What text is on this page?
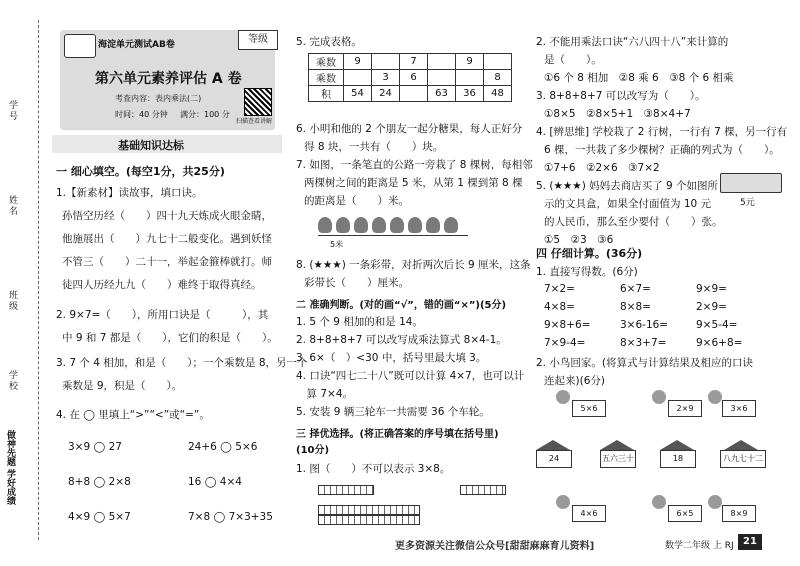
学号
姓名
班级
学校
做神先题 学好成绩
海淀单元测试AB卷	等级
第六单元素养评估 A 卷
考查内容：表内乘法(二)
时间：40 分钟 满分：100 分
扫描查看讲解
基础知识达标
一 细心填空。(每空1分，共25分)
1.【新素材】读故事，填口诀。
孙悟空历经（　　）四十九天炼成火眼金睛，
他施展出（　　）九七十二般变化。遇到妖怪
不管三（　　）二十一，举起金箍棒就打。师
徒四人历经九九（　　）难终于取得真经。
2. 9×7=（　　），所用口诀是（　　　），其
中 9 和 7 都是（　　），它们的积是（　　）。
3. 7 个 4 相加，和是（　　）；一个乘数是 8，另一个
乘数是 9，积是（　　）。
4. 在 ◯ 里填上“>”“<”或“=”。
3×9 ◯ 27	24+6 ◯ 5×6
8+8 ◯ 2×8	16 ◯ 4×4
4×9 ◯ 5×7	7×8 ◯ 7×3+35
5. 完成表格。
乘数	9		7		9	
乘数		3	6			8
积	54	24		63	36	48
6. 小明和他的 2 个朋友一起分糖果，每人正好分
得 8 块，一共有（　　）块。
7. 如图，一条笔直的公路一旁栽了 8 棵树，每相邻
两棵树之间的距离是 5 米，从第 1 棵到第 8 棵
的距离是（　　）米。
5米
8. (★★★) 一条彩带，对折两次后长 9 厘米，这条
彩带长（　　）厘米。
二 准确判断。(对的画“√”，错的画“×”)(5分)
1. 5 个 9 相加的和是 14。
2. 8+8+8+7 可以改写成乘法算式 8×4-1。
3. 6×（　）<30 中，括号里最大填 3。
4. 口诀“四七二十八”既可以计算 4×7，也可以计
　算 7×4。
5. 安装 9 辆三轮车一共需要 36 个车轮。
三 择优选择。(将正确答案的序号填在括号里)
(10分)
1. 图（　　）不可以表示 3×8。
2. 不能用乘法口诀“六八四十八”来计算的
是（　　）。
①6 个 8 相加　②8 乘 6　③8 个 6 相乘
3. 8+8+8+7 可以改写为（　　）。
①8×5　②8×5+1　③8×4+7
4. [辨思维] 学校栽了 2 行树，一行有 7 棵，另一行有
6 棵，一共栽了多少棵树？正确的列式为（　　）。
①7+6　②2×6　③7×2
5. (★★★) 妈妈去商店买了 9 个如图所
示的文具盒，如果全付面值为 10 元
的人民币，那么至少要付（　　）张。
①5　②3　③6
5元
四 仔细计算。(36分)
1. 直接写得数。(6分)
7×2=	6×7=	9×9=
4×8=	8×8=	2×9=
9×8+6=	3×6-16=	9×5-4=
7×9-4=	8×3+7=	9×6+8=
2. 小鸟回家。(将算式与计算结果及相应的口诀
连起来)(6分)
5×6	2×9	3×6
24	五六三十	18	八九七十二
4×6	6×5	8×9
更多资源关注微信公众号[甜甜麻麻育儿资料]	数学二年级 上 RJ 21
